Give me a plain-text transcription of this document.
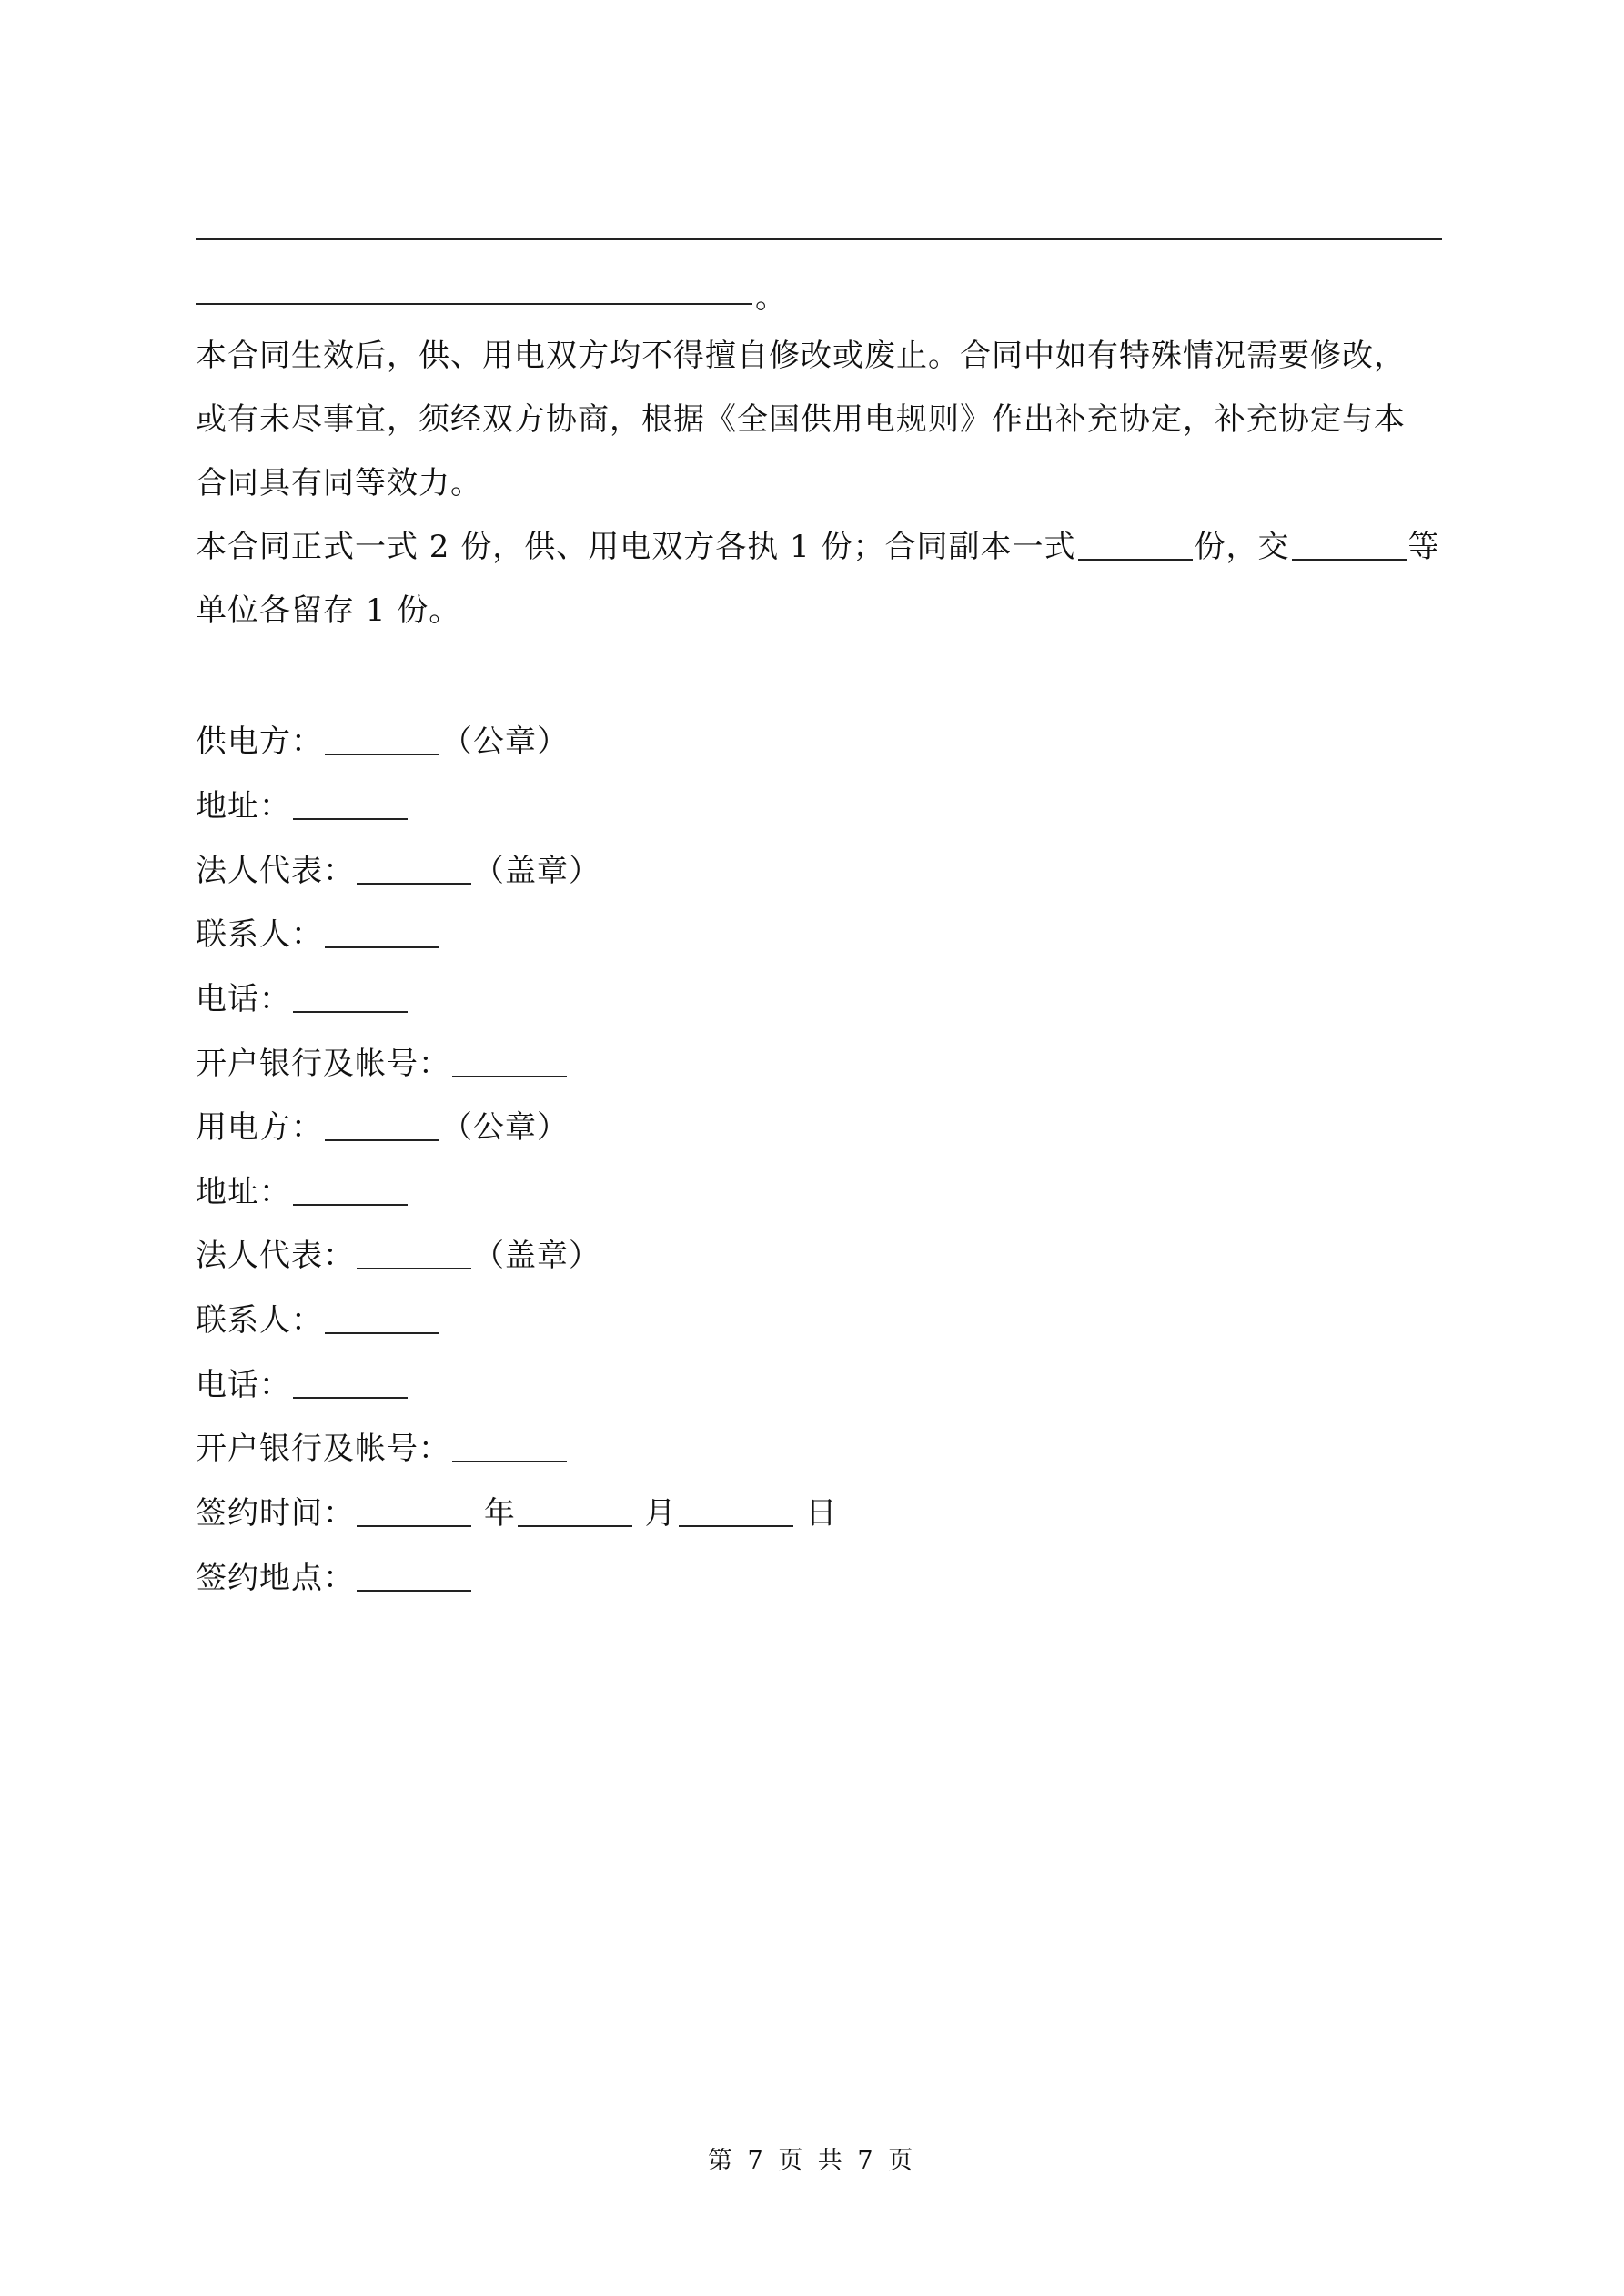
。
本合同生效后，供、用电双方均不得擅自修改或废止。合同中如有特殊情况需要修改，
或有未尽事宜，须经双方协商，根据《全国供用电规则》作出补充协定，补充协定与本
合同具有同等效力。
本合同正式一式 2 份，供、用电双方各执 1 份；合同副本一式	份，交	等
单位各留存 1 份。
供电方：	（公章）
地址：
法人代表：	（盖章）
联系人：
电话：
开户银行及帐号：
用电方：	（公章）
地址：
法人代表：	（盖章）
联系人：
电话：
开户银行及帐号：
签约时间：	年	月	日
签约地点：
第 7 页 共 7 页
